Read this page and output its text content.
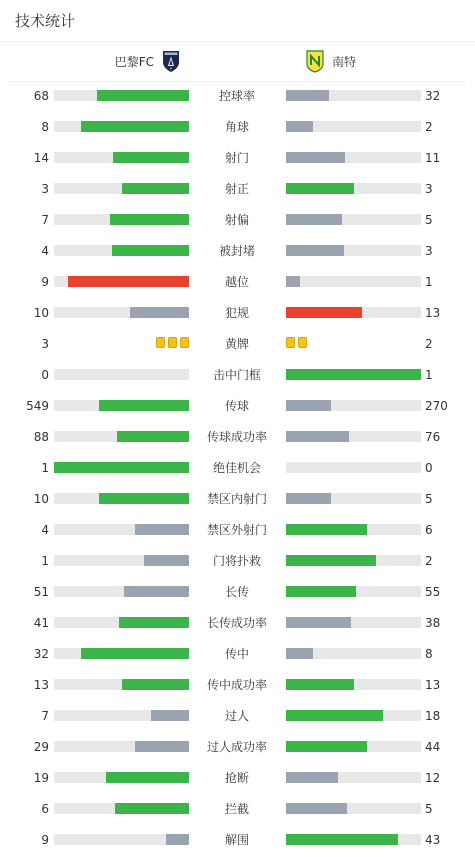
技术统计
巴黎FC	南特
68	控球率	32
8	角球	2
14	射门	11
3	射正	3
7	射偏	5
4	被封堵	3
9	越位	1
10	犯规	13
3	黄牌	2
0	击中门框	1
549	传球	270
88	传球成功率	76
1	绝佳机会	0
10	禁区内射门	5
4	禁区外射门	6
1	门将扑救	2
51	长传	55
41	长传成功率	38
32	传中	8
13	传中成功率	13
7	过人	18
29	过人成功率	44
19	抢断	12
6	拦截	5
9	解围	43
